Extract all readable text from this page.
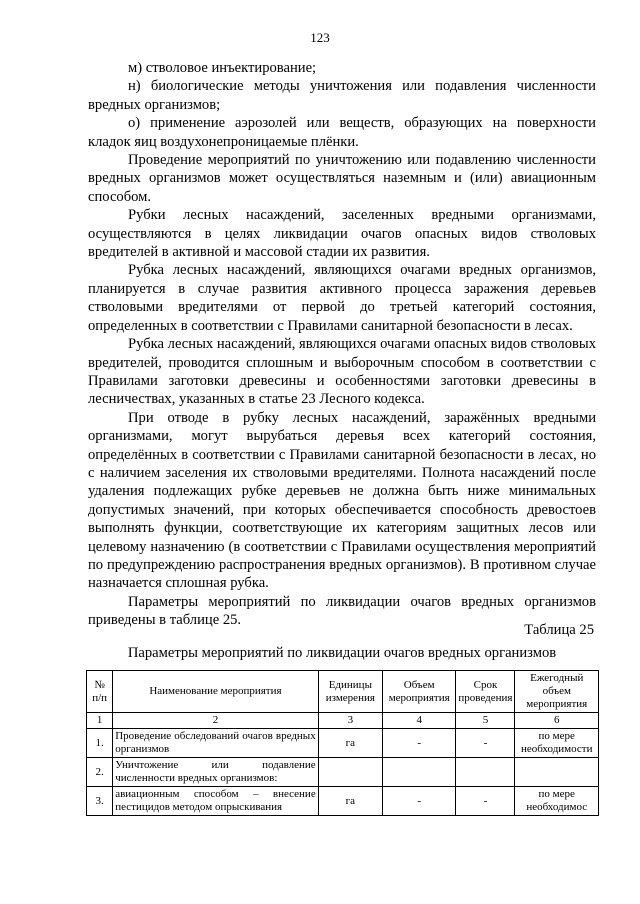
123

м) стволовое инъектирование;

н) биологические методы уничтожения или подавления численности вредных организмов;

о) применение аэрозолей или веществ, образующих на поверхности кладок яиц воздухонепроницаемые плёнки.

Проведение мероприятий по уничтожению или подавлению численности вредных организмов может осуществляться наземным и (или) авиационным способом.

Рубки лесных насаждений, заселенных вредными организмами, осуществляются в целях ликвидации очагов опасных видов стволовых вредителей в активной и массовой стадии их развития.

Рубка лесных насаждений, являющихся очагами вредных организмов, планируется в случае развития активного процесса заражения деревьев стволовыми вредителями от первой до третьей категорий состояния, определенных в соответствии с Правилами санитарной безопасности в лесах.

Рубка лесных насаждений, являющихся очагами опасных видов стволовых вредителей, проводится сплошным и выборочным способом в соответствии с Правилами заготовки древесины и особенностями заготовки древесины в лесничествах, указанных в статье 23 Лесного кодекса.

При отводе в рубку лесных насаждений, заражённых вредными организмами, могут вырубаться деревья всех категорий состояния, определённых в соответствии с Правилами санитарной безопасности в лесах, но с наличием заселения их стволовыми вредителями. Полнота насаждений после удаления подлежащих рубке деревьев не должна быть ниже минимальных допустимых значений, при которых обеспечивается способность древостоев выполнять функции, соответствующие их категориям защитных лесов или целевому назначению (в соответствии с Правилами осуществления мероприятий по предупреждению распространения вредных организмов). В противном случае назначается сплошная рубка.

Параметры мероприятий по ликвидации очагов вредных организмов приведены в таблице 25.

Таблица 25
Параметры мероприятий по ликвидации очагов вредных организмов
№ п/п	Наименование мероприятия	Единицы измерения	Объем мероприятия	Срок проведения	Ежегодный объем мероприятия
1	2	3	4	5	6
1.	Проведение обследований очагов вредных организмов	га	-	-	по мере необходимости
2.	Уничтожение или подавление численности вредных организмов:				
3.	авиационным способом – внесение пестицидов методом опрыскивания	га	-	-	по мере необходимос
